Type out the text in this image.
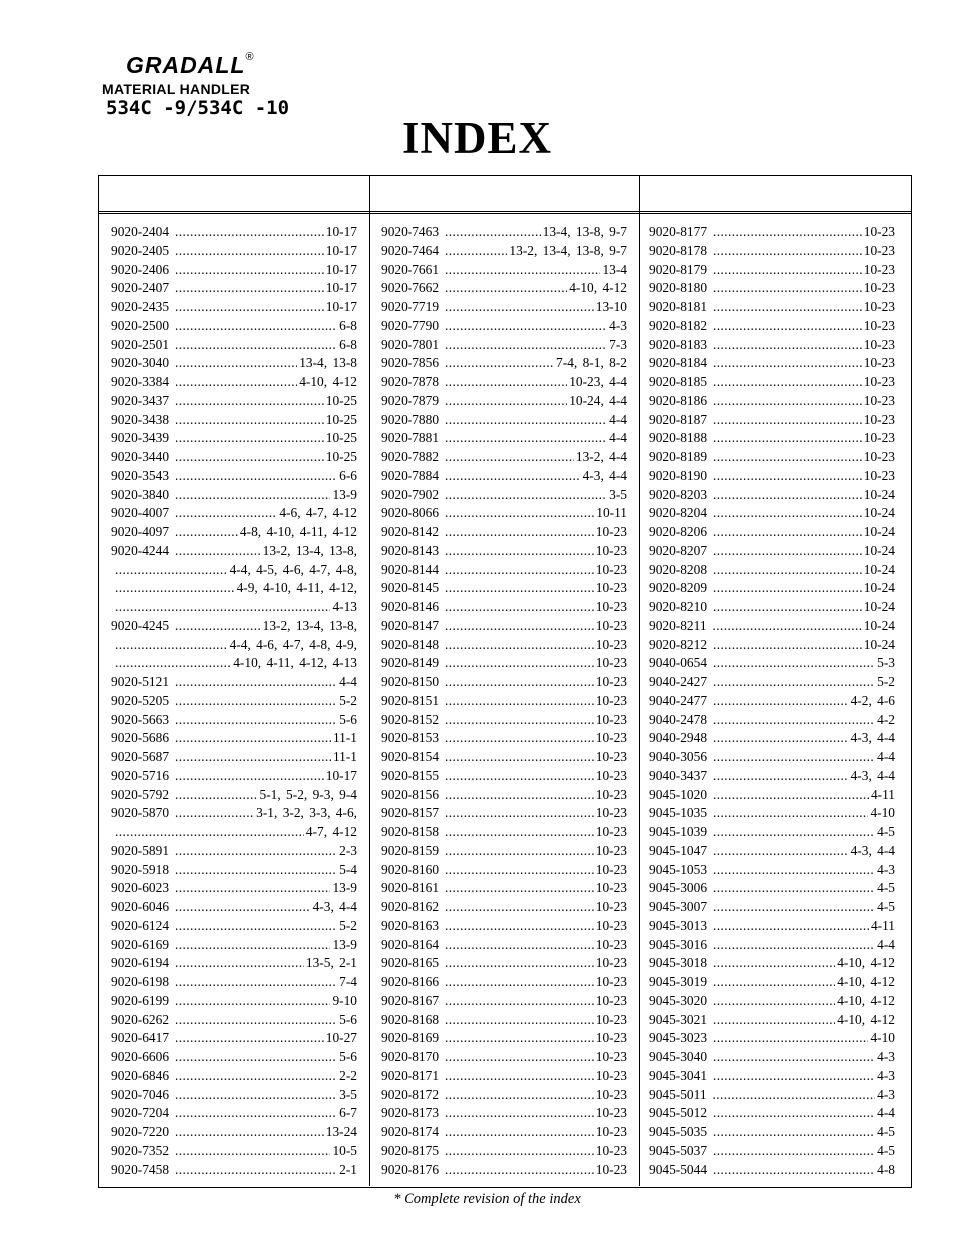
GRADALL®
MATERIAL HANDLER
534C -9/534C -10
INDEX
9020-2404 .....	10-17
9020-2405 .....	10-17
9020-2406 .....	10-17
9020-2407 .....	10-17
9020-2435 .....	10-17
9020-2500 .....	6-8
9020-2501 .....	6-8
9020-3040 .....	13-4, 13-8
9020-3384 .....	4-10, 4-12
9020-3437 .....	10-25
9020-3438 .....	10-25
9020-3439 .....	10-25
9020-3440 .....	10-25
9020-3543 .....	6-6
9020-3840 .....	13-9
9020-4007 .....	4-6, 4-7, 4-12
9020-4097 .....	4-8, 4-10, 4-11, 4-12
9020-4244 .....	13-2, 13-4, 13-8,
.....
4-4, 4-5, 4-6, 4-7, 4-8,
.....
4-9, 4-10, 4-11, 4-12,
.....
4-13
9020-4245 .....	13-2, 13-4, 13-8,
.....
4-4, 4-6, 4-7, 4-8, 4-9,
.....
4-10, 4-11, 4-12, 4-13
9020-5121 .....	4-4
9020-5205 .....	5-2
9020-5663 .....	5-6
9020-5686 .....	11-1
9020-5687 .....	11-1
9020-5716 .....	10-17
9020-5792 .....	5-1, 5-2, 9-3, 9-4
9020-5870 .....	3-1, 3-2, 3-3, 4-6,
.....
4-7, 4-12
9020-5891 .....	2-3
9020-5918 .....	5-4
9020-6023 .....	13-9
9020-6046 .....	4-3, 4-4
9020-6124 .....	5-2
9020-6169 .....	13-9
9020-6194 .....	13-5, 2-1
9020-6198 .....	7-4
9020-6199 .....	9-10
9020-6262 .....	5-6
9020-6417 .....	10-27
9020-6606 .....	5-6
9020-6846 .....	2-2
9020-7046 .....	3-5
9020-7204 .....	6-7
9020-7220 .....	13-24
9020-7352 .....	10-5
9020-7458 .....	2-1
9020-7463 .....	13-4, 13-8, 9-7
9020-7464 .....	13-2, 13-4, 13-8, 9-7
9020-7661 .....	13-4
9020-7662 .....	4-10, 4-12
9020-7719 .....	13-10
9020-7790 .....	4-3
9020-7801 .....	7-3
9020-7856 .....	7-4, 8-1, 8-2
9020-7878 .....	10-23, 4-4
9020-7879 .....	10-24, 4-4
9020-7880 .....	4-4
9020-7881 .....	4-4
9020-7882 .....	13-2, 4-4
9020-7884 .....	4-3, 4-4
9020-7902 .....	3-5
9020-8066 .....	10-11
9020-8142 .....	10-23
9020-8143 .....	10-23
9020-8144 .....	10-23
9020-8145 .....	10-23
9020-8146 .....	10-23
9020-8147 .....	10-23
9020-8148 .....	10-23
9020-8149 .....	10-23
9020-8150 .....	10-23
9020-8151 .....	10-23
9020-8152 .....	10-23
9020-8153 .....	10-23
9020-8154 .....	10-23
9020-8155 .....	10-23
9020-8156 .....	10-23
9020-8157 .....	10-23
9020-8158 .....	10-23
9020-8159 .....	10-23
9020-8160 .....	10-23
9020-8161 .....	10-23
9020-8162 .....	10-23
9020-8163 .....	10-23
9020-8164 .....	10-23
9020-8165 .....	10-23
9020-8166 .....	10-23
9020-8167 .....	10-23
9020-8168 .....	10-23
9020-8169 .....	10-23
9020-8170 .....	10-23
9020-8171 .....	10-23
9020-8172 .....	10-23
9020-8173 .....	10-23
9020-8174 .....	10-23
9020-8175 .....	10-23
9020-8176 .....	10-23
9020-8177 .....	10-23
9020-8178 .....	10-23
9020-8179 .....	10-23
9020-8180 .....	10-23
9020-8181 .....	10-23
9020-8182 .....	10-23
9020-8183 .....	10-23
9020-8184 .....	10-23
9020-8185 .....	10-23
9020-8186 .....	10-23
9020-8187 .....	10-23
9020-8188 .....	10-23
9020-8189 .....	10-23
9020-8190 .....	10-23
9020-8203 .....	10-24
9020-8204 .....	10-24
9020-8206 .....	10-24
9020-8207 .....	10-24
9020-8208 .....	10-24
9020-8209 .....	10-24
9020-8210 .....	10-24
9020-8211 .....	10-24
9020-8212 .....	10-24
9040-0654 .....	5-3
9040-2427 .....	5-2
9040-2477 .....	4-2, 4-6
9040-2478 .....	4-2
9040-2948 .....	4-3, 4-4
9040-3056 .....	4-4
9040-3437 .....	4-3, 4-4
9045-1020 .....	4-11
9045-1035 .....	4-10
9045-1039 .....	4-5
9045-1047 .....	4-3, 4-4
9045-1053 .....	4-3
9045-3006 .....	4-5
9045-3007 .....	4-5
9045-3013 .....	4-11
9045-3016 .....	4-4
9045-3018 .....	4-10, 4-12
9045-3019 .....	4-10, 4-12
9045-3020 .....	4-10, 4-12
9045-3021 .....	4-10, 4-12
9045-3023 .....	4-10
9045-3040 .....	4-3
9045-3041 .....	4-3
9045-5011 .....	4-3
9045-5012 .....	4-4
9045-5035 .....	4-5
9045-5037 .....	4-5
9045-5044 .....	4-8
* Complete revision of the index
